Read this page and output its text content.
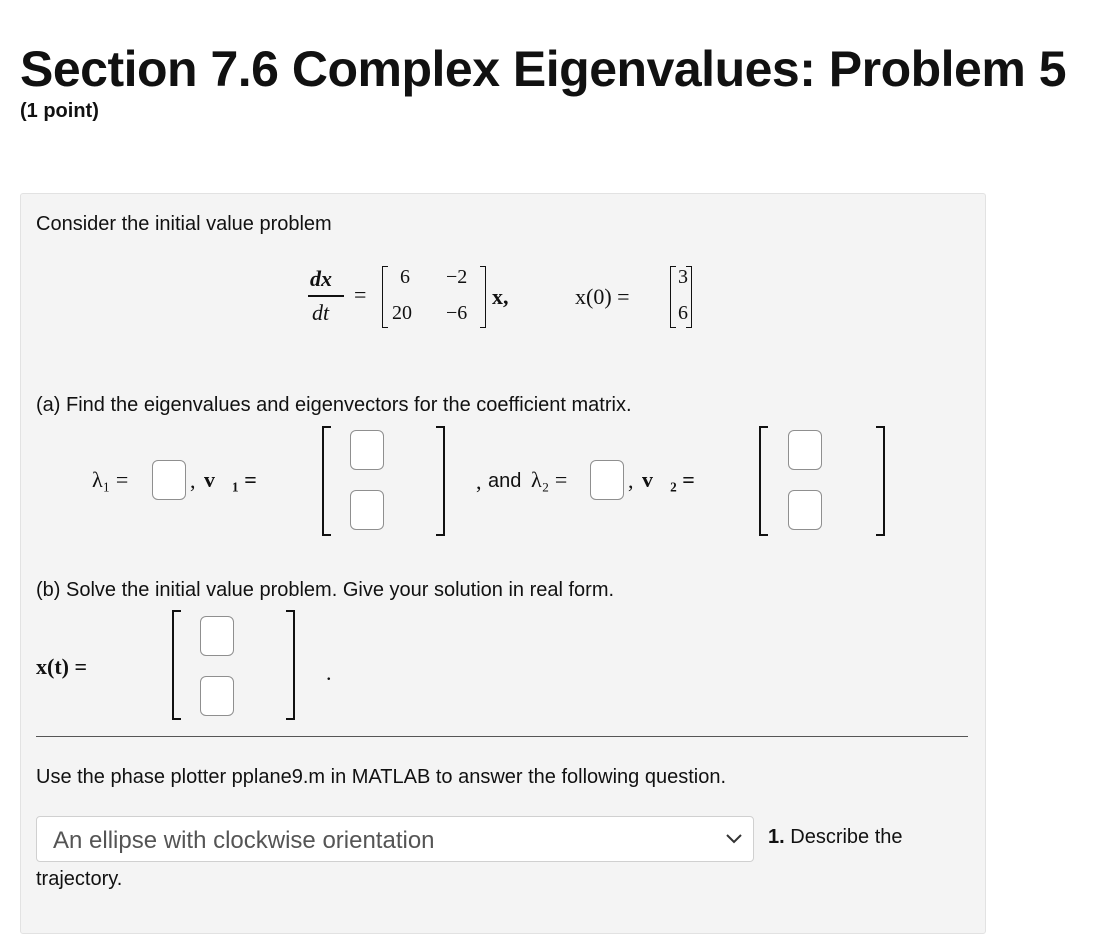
Section 7.6 Complex Eigenvalues: Problem 5
(1 point)
Consider the initial value problem
dx
dt
=
6 −2
20 −6
x,	x(0) =
3
6
(a) Find the eigenvalues and eigenvectors for the coefficient matrix.
λ₁ =	, v⃗₁ =	, and λ₂ =	, v⃗₂ =
(b) Solve the initial value problem. Give your solution in real form.
x(t) =	.
Use the phase plotter pplane9.m in MATLAB to answer the following question.
An ellipse with clockwise orientation	1. Describe the
trajectory.
